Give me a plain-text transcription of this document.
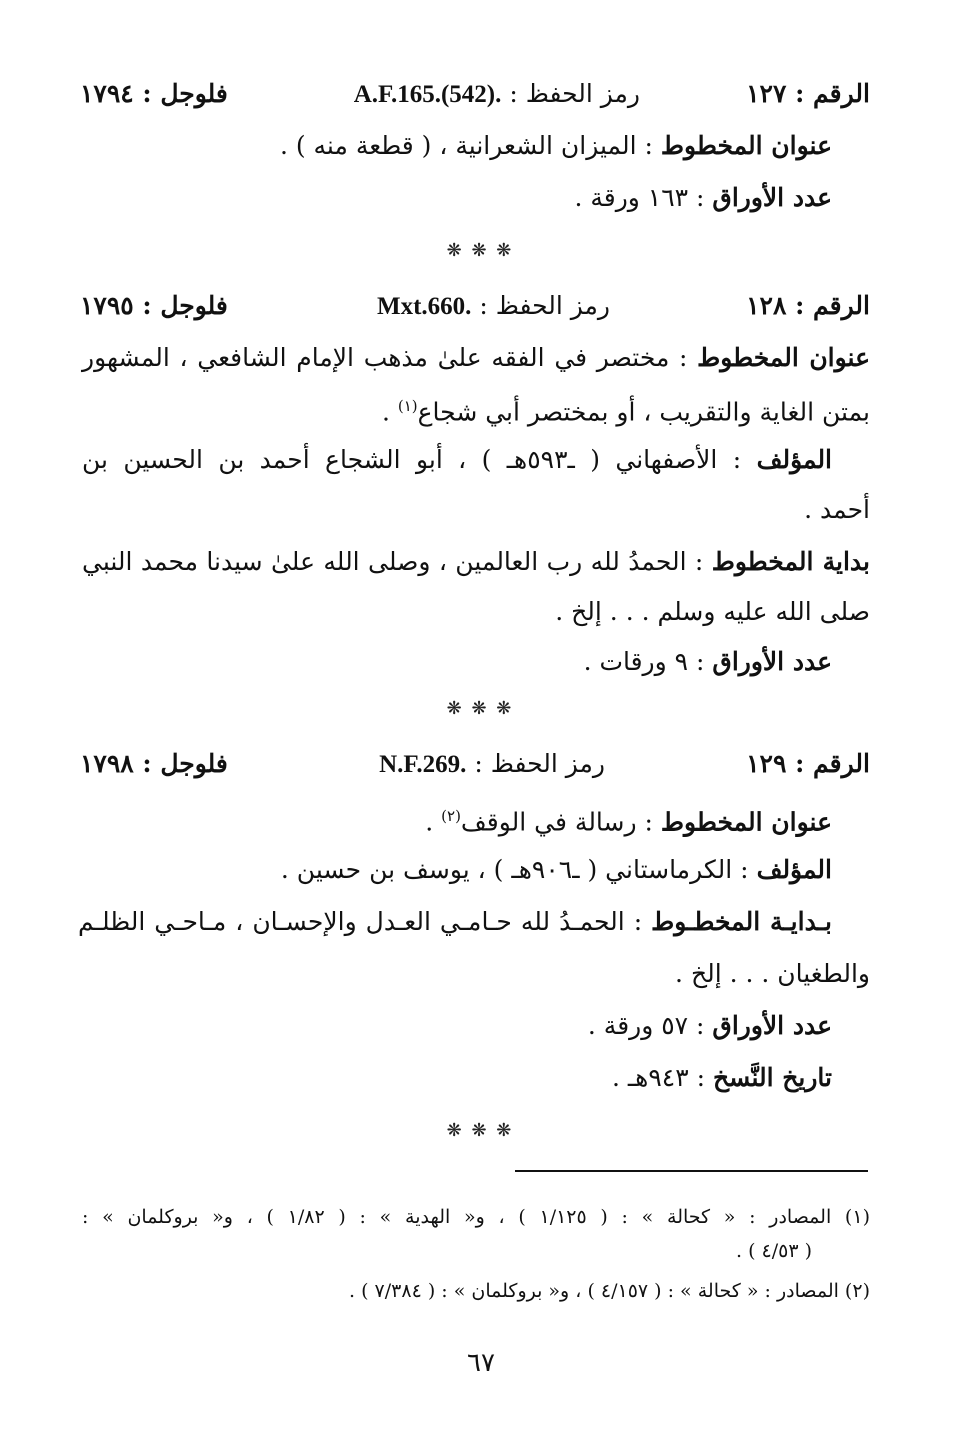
الرقم : ١٢٧
رمز الحفظ : A.F.165.(542).
فلوجل : ١٧٩٤
عنوان المخطوط : الميزان الشعرانية ، ( قطعة منه ) .
عدد الأوراق : ١٦٣ ورقة .
❋ ❋ ❋
الرقم : ١٢٨
رمز الحفظ : Mxt.660.
فلوجل : ١٧٩٥
عنوان المخطوط : مختصر في الفقه علىٰ مذهب الإمام الشافعي ، المشهور
بمتن الغاية والتقريب ، أو بمختصر أبي شجاع$^{(١)}$ .
المؤلف : الأصفهاني ( ـ٥٩٣هـ ) ، أبو الشجاع أحمد بن الحسين بن
أحمد .
بداية المخطوط : الحمدُ لله رب العالمين ، وصلى الله علىٰ سيدنا محمد النبي
صلى الله عليه وسلم . . . إلخ .
عدد الأوراق : ٩ ورقات .
❋ ❋ ❋
الرقم : ١٢٩
رمز الحفظ : N.F.269.
فلوجل : ١٧٩٨
عنوان المخطوط : رسالة في الوقف$^{(٢)}$ .
المؤلف : الكرماستاني ( ـ٩٠٦هـ ) ، يوسف بن حسين .
بـدايـة المخطـوط : الحمـدُ لله حـامـي العـدل والإحسـان ، مـاحـي الظلـم
والطغيان . . . إلخ .
عدد الأوراق : ٥٧ ورقة .
تاريخ النَّسخ : ٩٤٣هـ .
❋ ❋ ❋
(١) المصادر : « كحالة » : ( ١/١٢٥ ) ، و« الهدية » : ( ١/٨٢ ) ، و« بروكلمان » :
( ٤/٥٣ ) .
(٢) المصادر : « كحالة » : ( ٤/١٥٧ ) ، و« بروكلمان » : ( ٧/٣٨٤ ) .
٦٧
